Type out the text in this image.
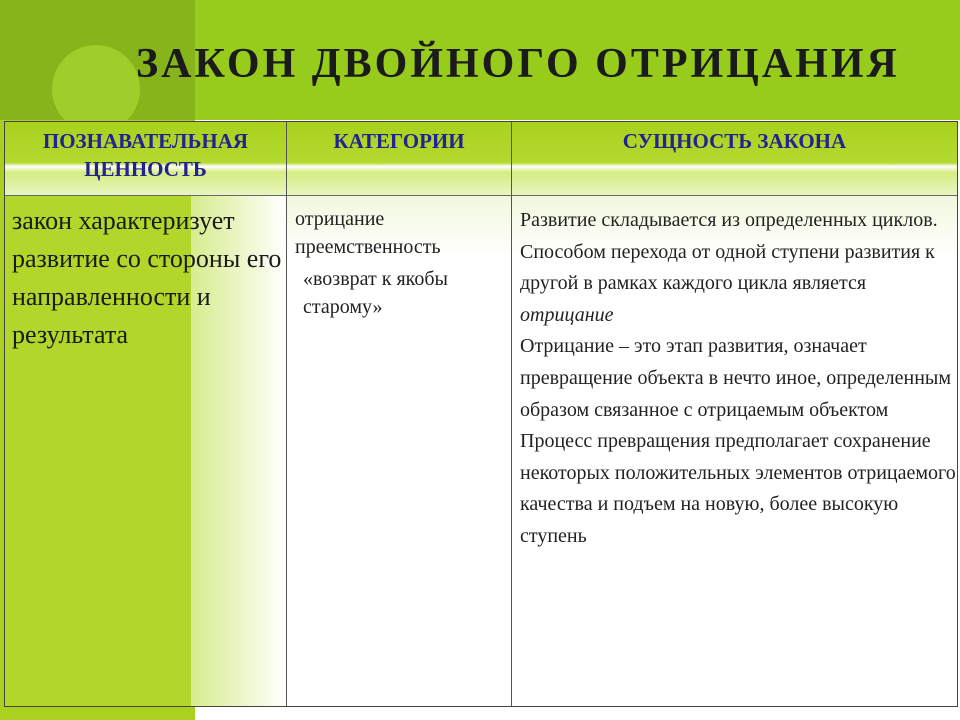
ЗАКОН ДВОЙНОГО ОТРИЦАНИЯ
ПОЗНАВАТЕЛЬНАЯ ЦЕННОСТЬ
КАТЕГОРИИ	СУЩНОСТЬ ЗАКОНА
закон характеризует развитие со стороны его направленности и результата

отрицание

преемственность

«возврат к якобы старому»

Развитие складывается из определенных циклов.
Способом перехода от одной ступени развития к другой в рамках каждого цикла является отрицание
Отрицание – это этап развития, означает превращение объекта в нечто иное, определенным образом связанное с отрицаемым объектом
Процесс превращения предполагает сохранение некоторых положительных элементов отрицаемого качества и подъем на новую, более высокую ступень
